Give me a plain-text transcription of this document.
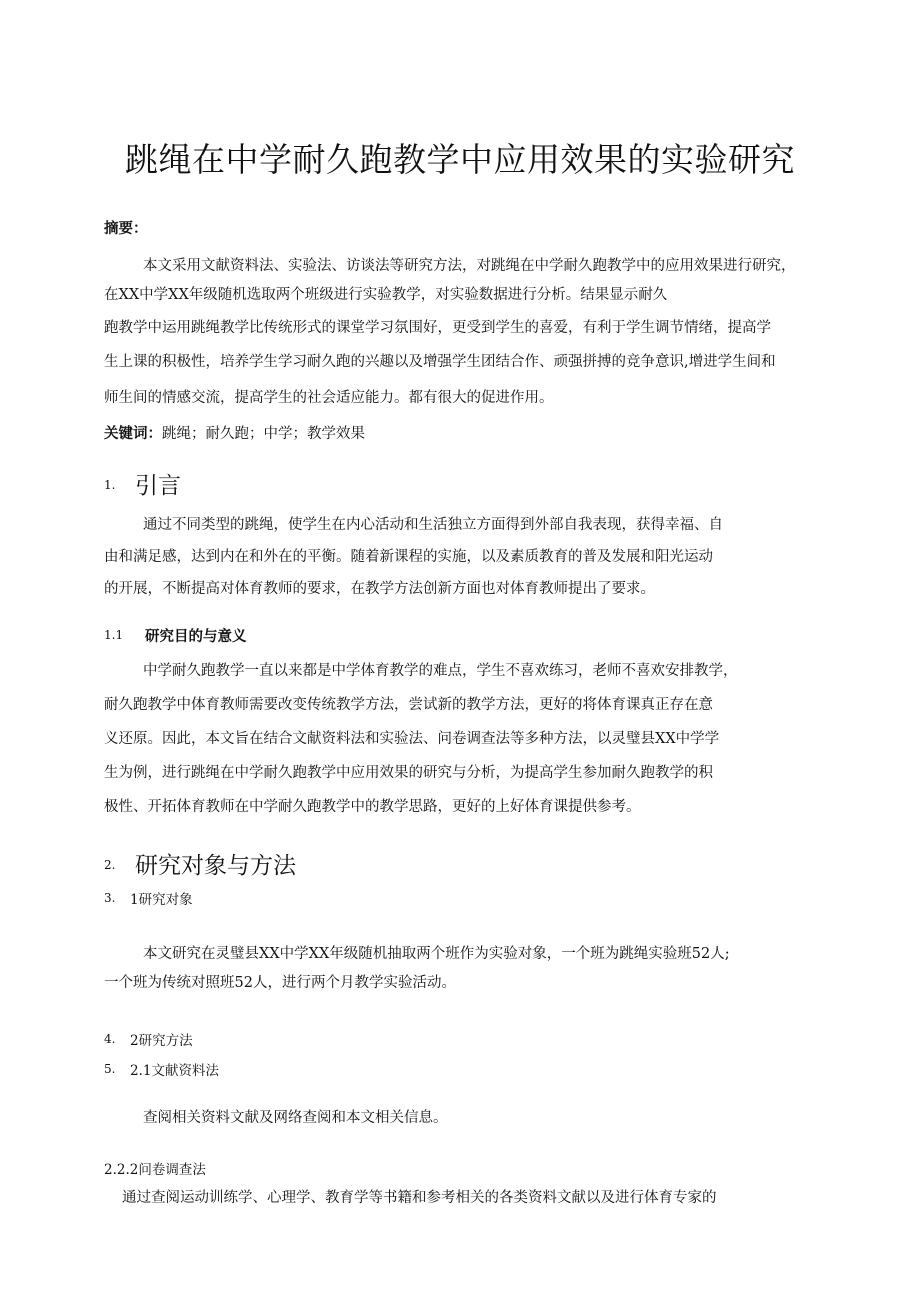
跳绳在中学耐久跑教学中应用效果的实验研究
摘要：
本文采用文献资料法、实验法、访谈法等研究方法，对跳绳在中学耐久跑教学中的应用效果进行研究，
在XX中学XX年级随机选取两个班级进行实验教学，对实验数据进行分析。结果显示耐久
跑教学中运用跳绳教学比传统形式的课堂学习氛围好，更受到学生的喜爱，有利于学生调节情绪，提高学
生上课的积极性，培养学生学习耐久跑的兴趣以及增强学生团结合作、顽强拼搏的竞争意识,增进学生间和
师生间的情感交流，提高学生的社会适应能力。都有很大的促进作用。
关键词：跳绳；耐久跑；中学；教学效果
1. 引言
通过不同类型的跳绳，使学生在内心活动和生活独立方面得到外部自我表现，获得幸福、自
由和满足感，达到内在和外在的平衡。随着新课程的实施，以及素质教育的普及发展和阳光运动
的开展，不断提高对体育教师的要求，在教学方法创新方面也对体育教师提出了要求。
1.1 研究目的与意义
中学耐久跑教学一直以来都是中学体育教学的难点，学生不喜欢练习，老师不喜欢安排教学，
耐久跑教学中体育教师需要改变传统教学方法，尝试新的教学方法，更好的将体育课真正存在意
义还原。因此，本文旨在结合文献资料法和实验法、问卷调查法等多种方法，以灵璧县XX中学学
生为例，进行跳绳在中学耐久跑教学中应用效果的研究与分析，为提高学生参加耐久跑教学的积
极性、开拓体育教师在中学耐久跑教学中的教学思路，更好的上好体育课提供参考。
2. 研究对象与方法
3. 1研究对象
本文研究在灵璧县XX中学XX年级随机抽取两个班作为实验对象，一个班为跳绳实验班52人;
一个班为传统对照班52人，进行两个月教学实验活动。
4. 2研究方法
5. 2.1文献资料法
查阅相关资料文献及网络查阅和本文相关信息。
2.2.2问卷调查法
通过查阅运动训练学、心理学、教育学等书籍和参考相关的各类资料文献以及进行体育专家的
